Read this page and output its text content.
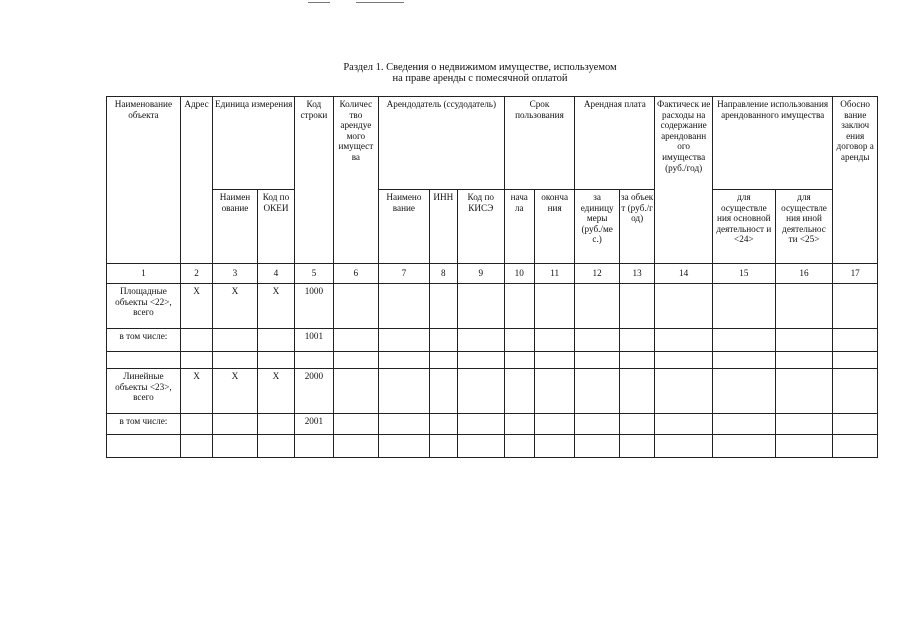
Раздел 1. Сведения о недвижимом имуществе, используемом
на праве аренды с помесячной оплатой
Наименование объекта	Адрес	Единица измерения		Код строки	Количес тво арендуе мого имущест ва	Арендодатель (ссудодатель)			Срок пользования		Арендная плата		Фактическ ие расходы на содержание арендованн ого имущества (руб./год)	Направление использования арендованного имущества		Обосно вание заключ ения договор а аренды
		Наимен ование	Код по ОКЕИ			Наимено вание	ИНН	Код по КИСЭ	нача ла	оконча ния	за единицу меры (руб./ме с.)	за объек т (руб./г од)		для осуществле ния основной деятельност и <24>	для осуществле ния иной деятельнос ти <25>	
1	2	3	4	5	6	7	8	9	10	11	12	13	14	15	16	17
Площадные объекты <22>, всего	X	X	X	1000												
в том числе:				1001												

Линейные объекты <23>, всего	X	X	X	2000												
в том числе:				2001												
